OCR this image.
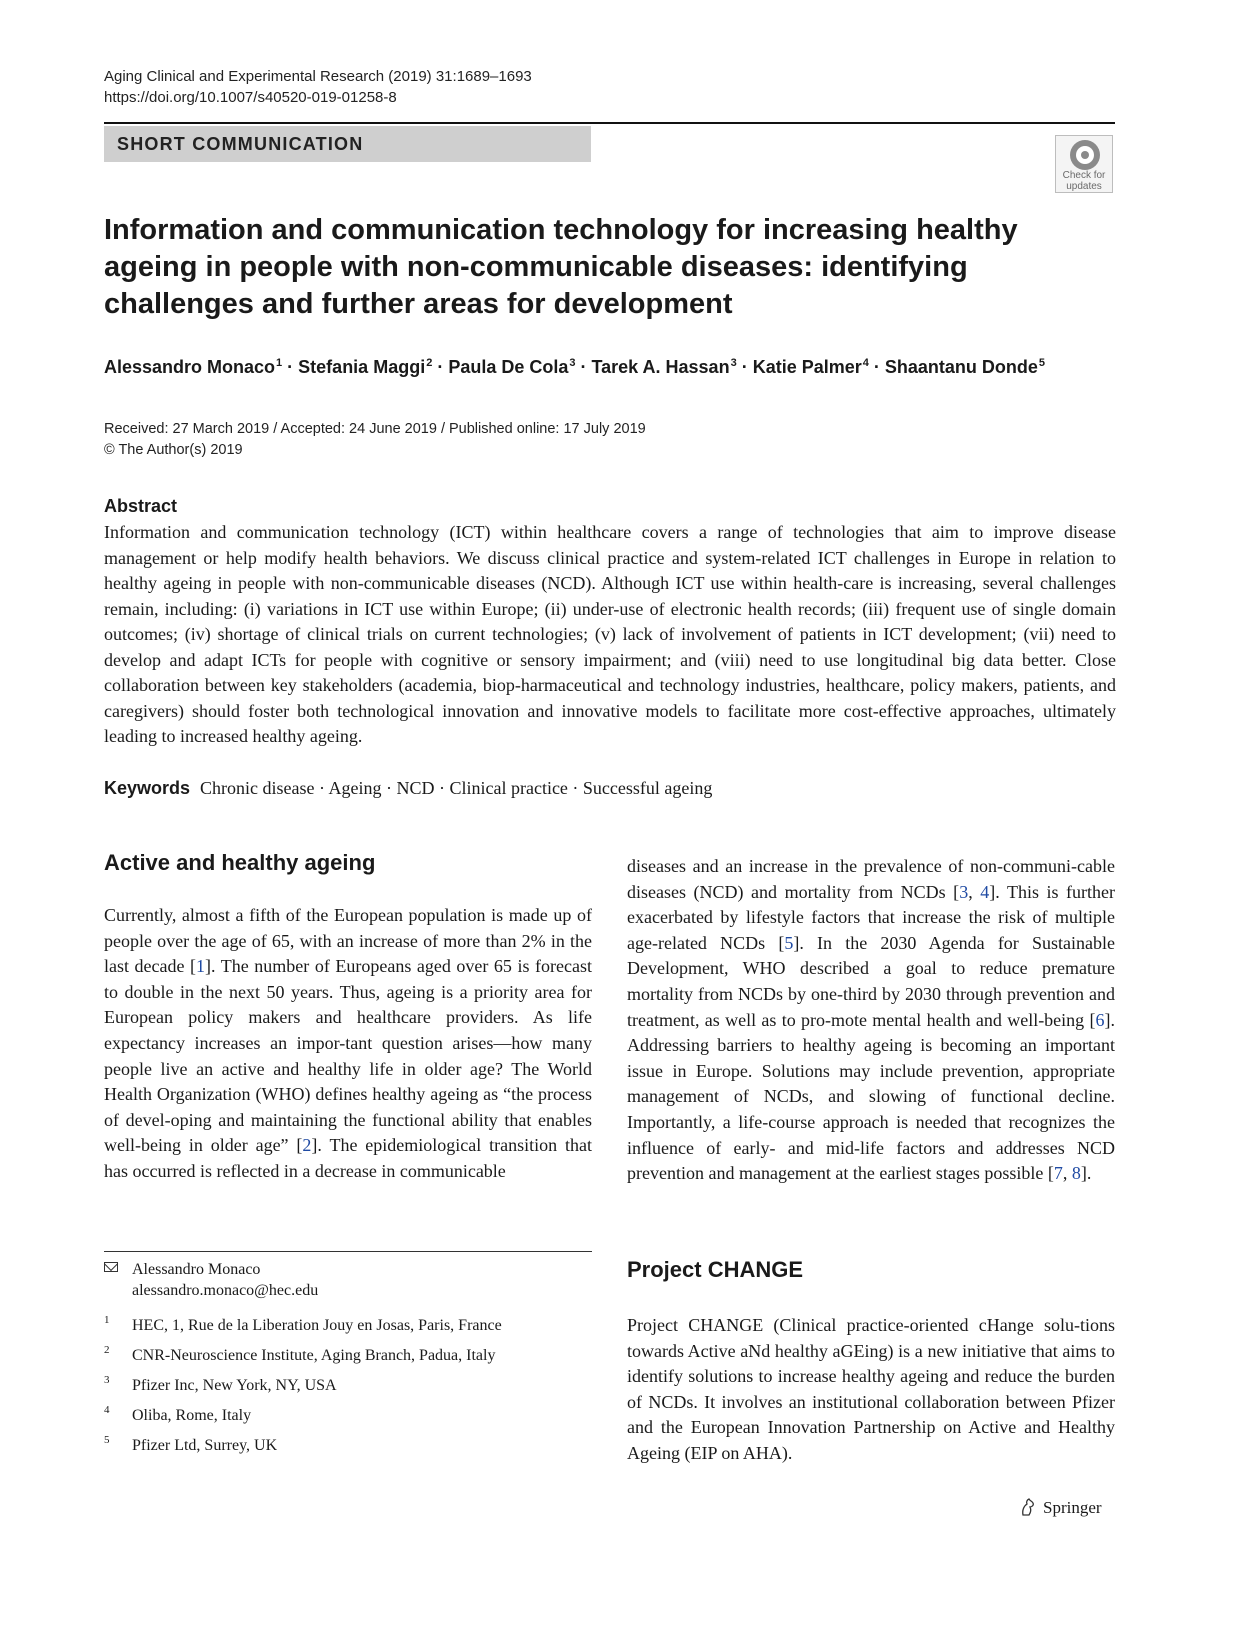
Aging Clinical and Experimental Research (2019) 31:1689–1693
https://doi.org/10.1007/s40520-019-01258-8
SHORT COMMUNICATION
Check for
updates
Information and communication technology for increasing healthy ageing in people with non-communicable diseases: identifying challenges and further areas for development
Alessandro Monaco$^1$ · Stefania Maggi$^2$ · Paula De Cola$^3$ · Tarek A. Hassan$^3$ · Katie Palmer$^4$ · Shaantanu Donde$^5$
Received: 27 March 2019 / Accepted: 24 June 2019 / Published online: 17 July 2019
© The Author(s) 2019
Abstract
Information and communication technology (ICT) within healthcare covers a range of technologies that aim to improve disease management or help modify health behaviors. We discuss clinical practice and system-related ICT challenges in Europe in relation to healthy ageing in people with non-communicable diseases (NCD). Although ICT use within health-care is increasing, several challenges remain, including: (i) variations in ICT use within Europe; (ii) under-use of electronic health records; (iii) frequent use of single domain outcomes; (iv) shortage of clinical trials on current technologies; (v) lack of involvement of patients in ICT development; (vii) need to develop and adapt ICTs for people with cognitive or sensory impairment; and (viii) need to use longitudinal big data better. Close collaboration between key stakeholders (academia, biop-harmaceutical and technology industries, healthcare, policy makers, patients, and caregivers) should foster both technological innovation and innovative models to facilitate more cost-effective approaches, ultimately leading to increased healthy ageing.
Keywords Chronic disease · Ageing · NCD · Clinical practice · Successful ageing
Active and healthy ageing
Currently, almost a fifth of the European population is made up of people over the age of 65, with an increase of more than 2% in the last decade [1]. The number of Europeans aged over 65 is forecast to double in the next 50 years. Thus, ageing is a priority area for European policy makers and healthcare providers. As life expectancy increases an impor-tant question arises—how many people live an active and healthy life in older age? The World Health Organization (WHO) defines healthy ageing as “the process of devel-oping and maintaining the functional ability that enables well-being in older age” [2]. The epidemiological transition that has occurred is reflected in a decrease in communicable
diseases and an increase in the prevalence of non-communi-cable diseases (NCD) and mortality from NCDs [3, 4]. This is further exacerbated by lifestyle factors that increase the risk of multiple age-related NCDs [5]. In the 2030 Agenda for Sustainable Development, WHO described a goal to reduce premature mortality from NCDs by one-third by 2030 through prevention and treatment, as well as to pro-mote mental health and well-being [6]. Addressing barriers to healthy ageing is becoming an important issue in Europe. Solutions may include prevention, appropriate management of NCDs, and slowing of functional decline. Importantly, a life-course approach is needed that recognizes the influence of early- and mid-life factors and addresses NCD prevention and management at the earliest stages possible [7, 8].
Project CHANGE
Project CHANGE (Clinical practice-oriented cHange solu-tions towards Active aNd healthy aGEing) is a new initiative that aims to identify solutions to increase healthy ageing and reduce the burden of NCDs. It involves an institutional collaboration between Pfizer and the European Innovation Partnership on Active and Healthy Ageing (EIP on AHA).
Alessandro Monaco
alessandro.monaco@hec.edu
1 HEC, 1, Rue de la Liberation Jouy en Josas, Paris, France
2 CNR-Neuroscience Institute, Aging Branch, Padua, Italy
3 Pfizer Inc, New York, NY, USA
4 Oliba, Rome, Italy
5 Pfizer Ltd, Surrey, UK
Springer
